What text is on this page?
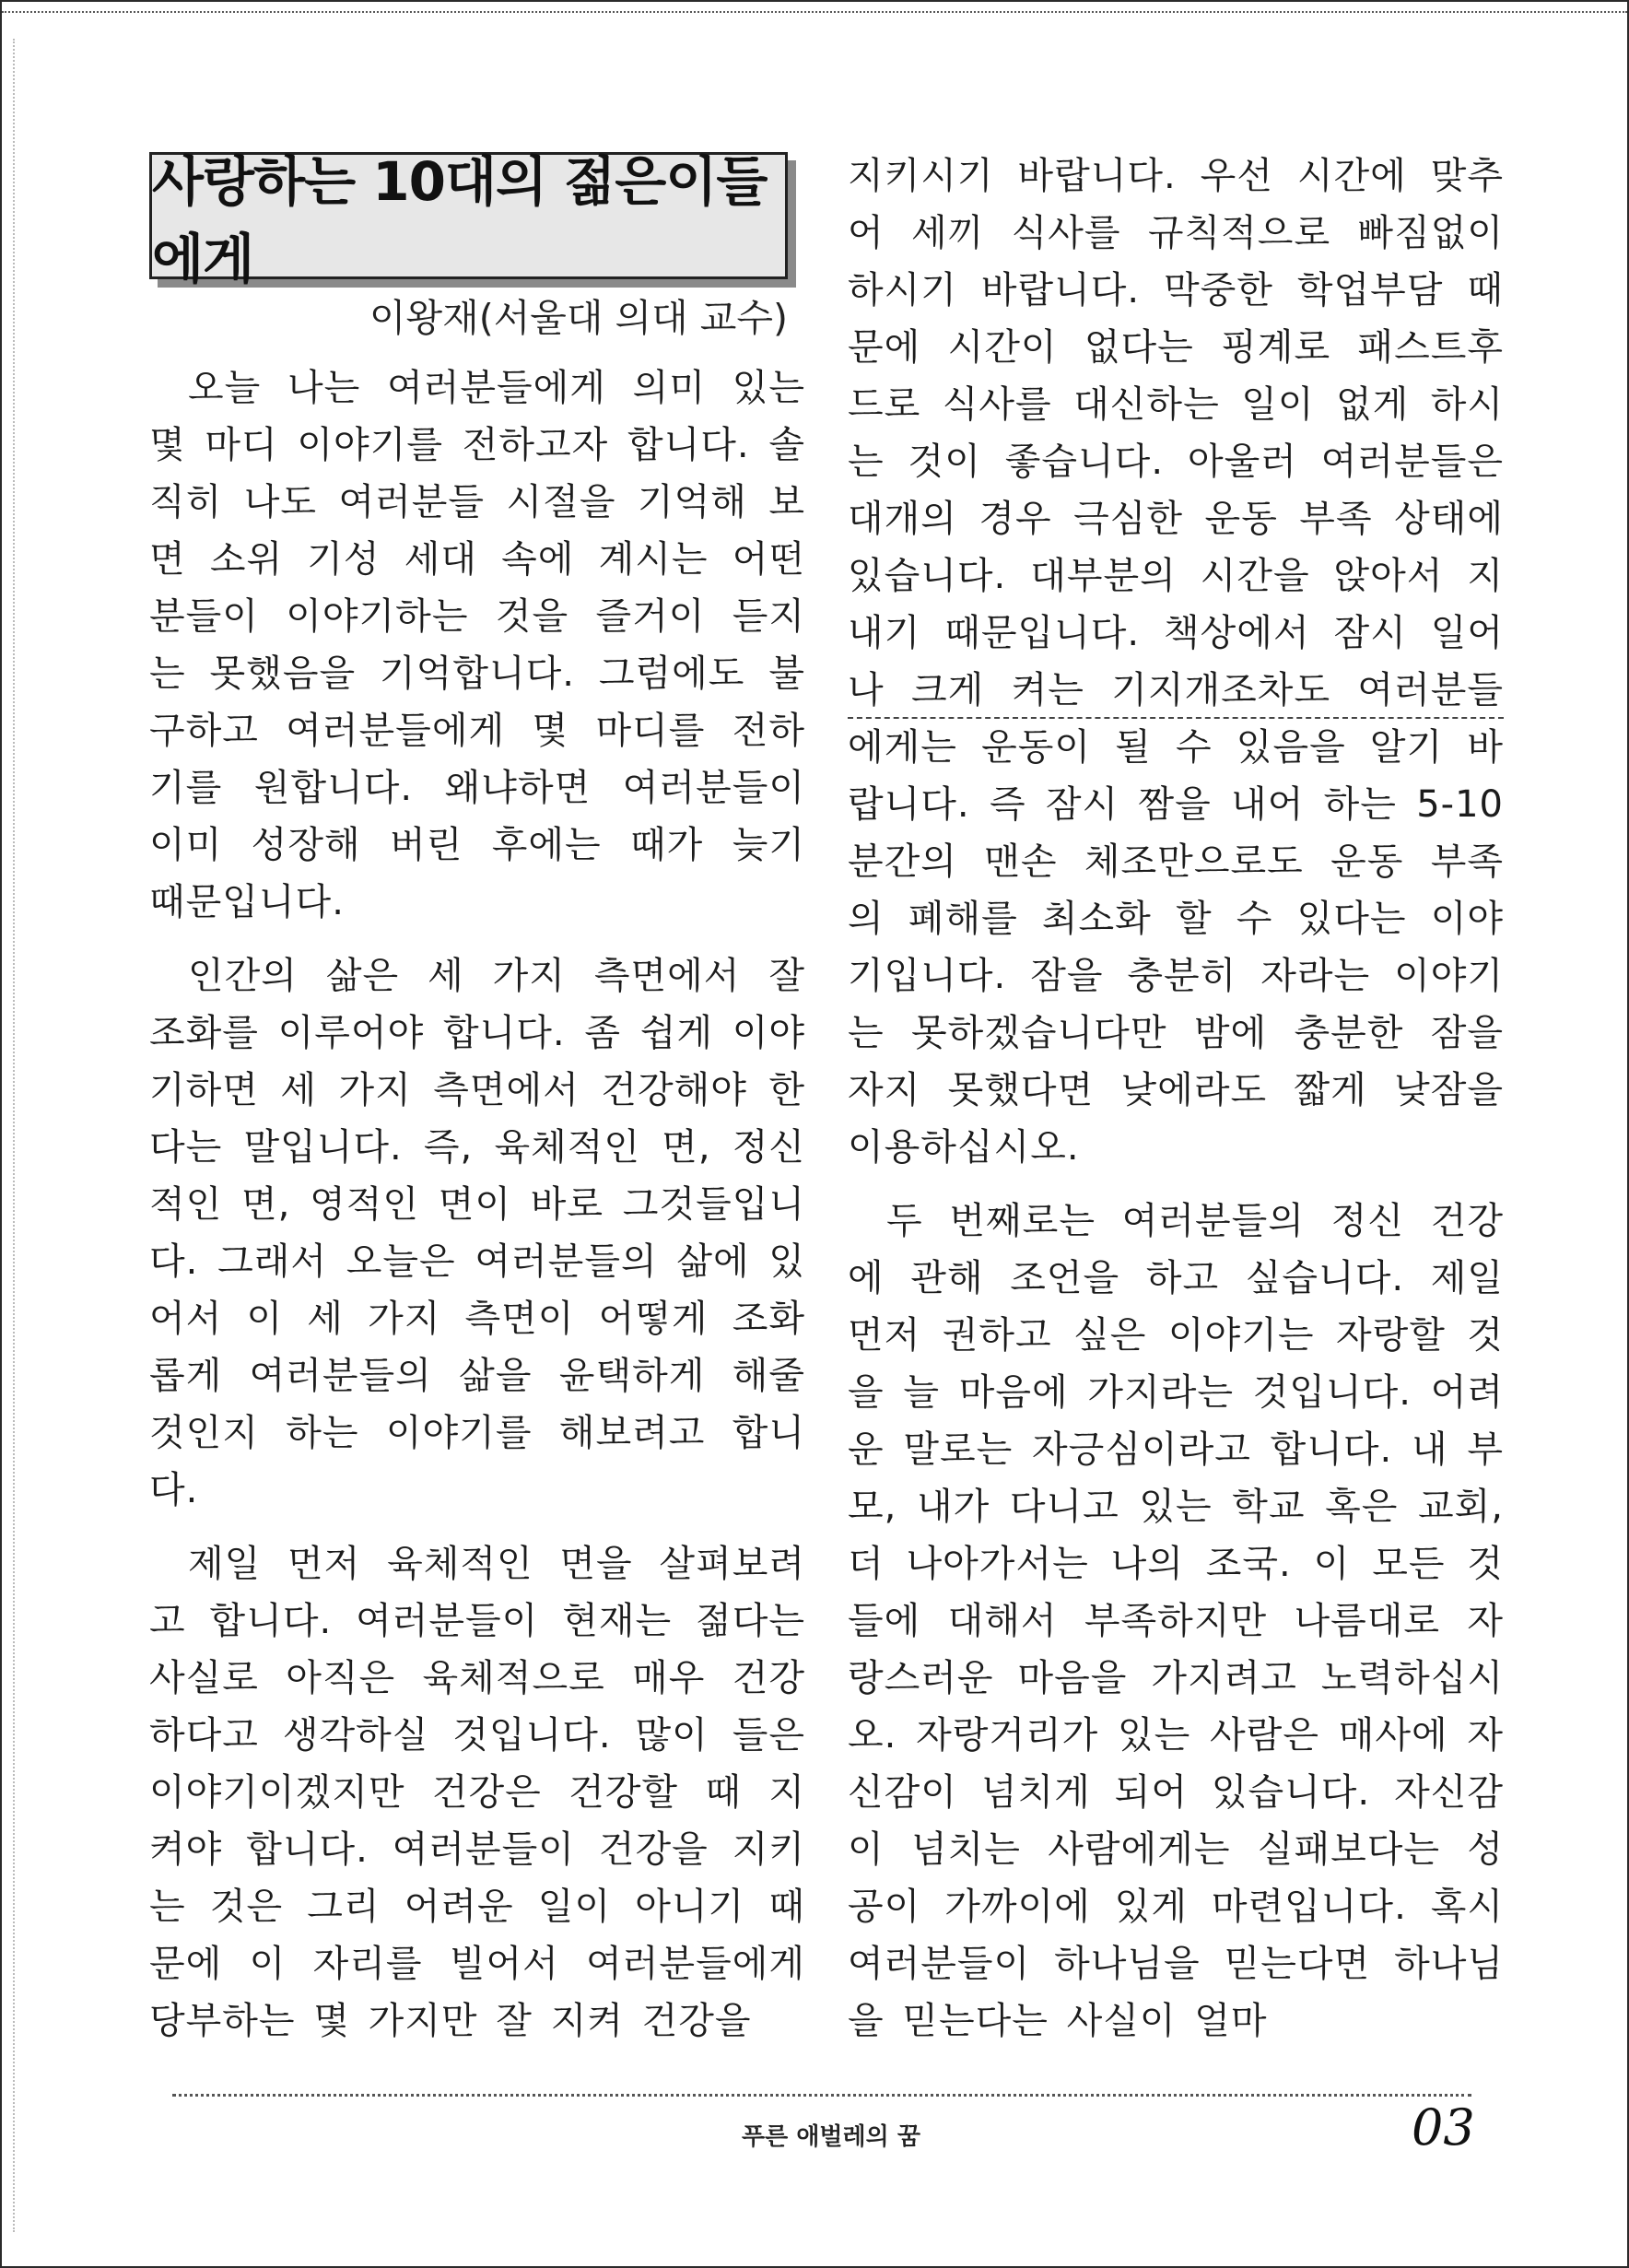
사랑하는 10대의 젊은이들에게
이왕재(서울대 의대 교수)

오늘 나는 여러분들에게 의미 있는 몇 마디 이야기를 전하고자 합니다. 솔직히 나도 여러분들 시절을 기억해 보면 소위 기성 세대 속에 계시는 어떤 분들이 이야기하는 것을 즐거이 듣지는 못했음을 기억합니다. 그럼에도 불구하고 여러분들에게 몇 마디를 전하기를 원합니다. 왜냐하면 여러분들이 이미 성장해 버린 후에는 때가 늦기 때문입니다.

인간의 삶은 세 가지 측면에서 잘 조화를 이루어야 합니다. 좀 쉽게 이야기하면 세 가지 측면에서 건강해야 한다는 말입니다. 즉, 육체적인 면, 정신적인 면, 영적인 면이 바로 그것들입니다. 그래서 오늘은 여러분들의 삶에 있어서 이 세 가지 측면이 어떻게 조화롭게 여러분들의 삶을 윤택하게 해줄 것인지 하는 이야기를 해보려고 합니다.

제일 먼저 육체적인 면을 살펴보려고 합니다. 여러분들이 현재는 젊다는 사실로 아직은 육체적으로 매우 건강하다고 생각하실 것입니다. 많이 들은 이야기이겠지만 건강은 건강할 때 지켜야 합니다. 여러분들이 건강을 지키는 것은 그리 어려운 일이 아니기 때문에 이 자리를 빌어서 여러분들에게 당부하는 몇 가지만 잘 지켜 건강을

지키시기 바랍니다. 우선 시간에 맞추어 세끼 식사를 규칙적으로 빠짐없이 하시기 바랍니다. 막중한 학업부담 때문에 시간이 없다는 핑계로 패스트후드로 식사를 대신하는 일이 없게 하시는 것이 좋습니다. 아울러 여러분들은 대개의 경우 극심한 운동 부족 상태에 있습니다. 대부분의 시간을 앉아서 지내기 때문입니다. 책상에서 잠시 일어나 크게 켜는 기지개조차도 여러분들에게는 운동이 될 수 있음을 알기 바랍니다. 즉 잠시 짬을 내어 하는 5-10분간의 맨손 체조만으로도 운동 부족의 폐해를 최소화 할 수 있다는 이야기입니다. 잠을 충분히 자라는 이야기는 못하겠습니다만 밤에 충분한 잠을 자지 못했다면 낮에라도 짧게 낮잠을 이용하십시오.

두 번째로는 여러분들의 정신 건강에 관해 조언을 하고 싶습니다. 제일 먼저 권하고 싶은 이야기는 자랑할 것을 늘 마음에 가지라는 것입니다. 어려운 말로는 자긍심이라고 합니다. 내 부모, 내가 다니고 있는 학교 혹은 교회, 더 나아가서는 나의 조국. 이 모든 것들에 대해서 부족하지만 나름대로 자랑스러운 마음을 가지려고 노력하십시오. 자랑거리가 있는 사람은 매사에 자신감이 넘치게 되어 있습니다. 자신감이 넘치는 사람에게는 실패보다는 성공이 가까이에 있게 마련입니다. 혹시 여러분들이 하나님을 믿는다면 하나님을 믿는다는 사실이 얼마

푸른 애벌레의 꿈	03
